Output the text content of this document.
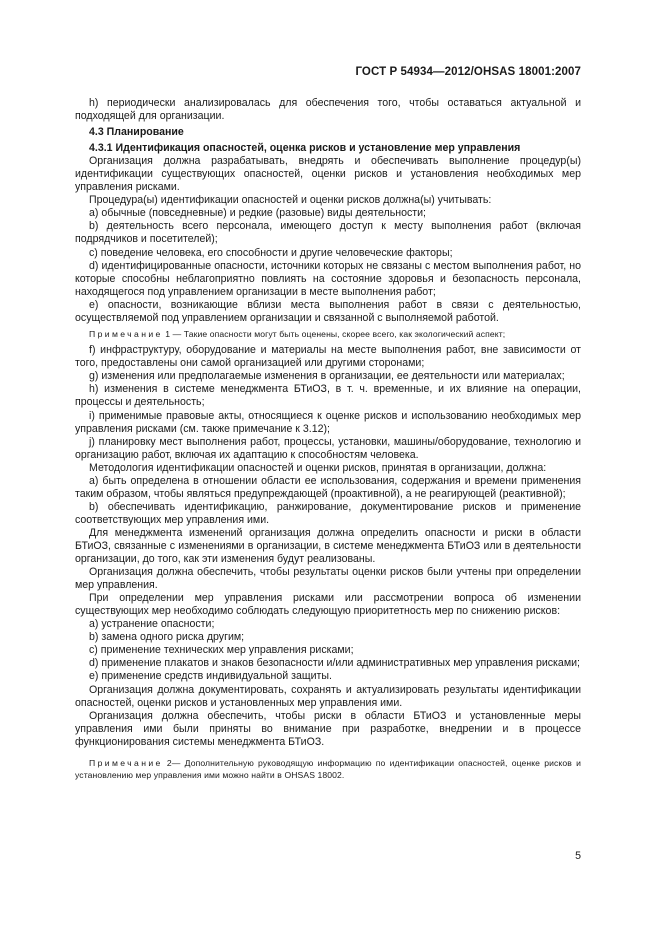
ГОСТ Р 54934—2012/OHSAS 18001:2007

h) периодически анализировалась для обеспечения того, чтобы оставаться актуальной и подходящей для организации.

4.3 Планирование

4.3.1 Идентификация опасностей, оценка рисков и установление мер управления

Организация должна разрабатывать, внедрять и обеспечивать выполнение процедур(ы) идентификации существующих опасностей, оценки рисков и установления необходимых мер управления рисками.

Процедура(ы) идентификации опасностей и оценки рисков должна(ы) учитывать:

a) обычные (повседневные) и редкие (разовые) виды деятельности;

b) деятельность всего персонала, имеющего доступ к месту выполнения работ (включая подрядчиков и посетителей);

c) поведение человека, его способности и другие человеческие факторы;

d) идентифицированные опасности, источники которых не связаны с местом выполнения работ, но которые способны неблагоприятно повлиять на состояние здоровья и безопасность персонала, находящегося под управлением организации в месте выполнения работ;

e) опасности, возникающие вблизи места выполнения работ в связи с деятельностью, осуществляемой под управлением организации и связанной с выполняемой работой.

Примечание 1 — Такие опасности могут быть оценены, скорее всего, как экологический аспект;

f) инфраструктуру, оборудование и материалы на месте выполнения работ, вне зависимости от того, предоставлены они самой организацией или другими сторонами;

g) изменения или предполагаемые изменения в организации, ее деятельности или материалах;

h) изменения в системе менеджмента БТиОЗ, в т. ч. временные, и их влияние на операции, процессы и деятельность;

i) применимые правовые акты, относящиеся к оценке рисков и использованию необходимых мер управления рисками (см. также примечание к 3.12);

j) планировку мест выполнения работ, процессы, установки, машины/оборудование, технологию и организацию работ, включая их адаптацию к способностям человека.

Методология идентификации опасностей и оценки рисков, принятая в организации, должна:

a) быть определена в отношении области ее использования, содержания и времени применения таким образом, чтобы являться предупреждающей (проактивной), а не реагирующей (реактивной);

b) обеспечивать идентификацию, ранжирование, документирование рисков и применение соответствующих мер управления ими.

Для менеджмента изменений организация должна определить опасности и риски в области БТиОЗ, связанные с изменениями в организации, в системе менеджмента БТиОЗ или в деятельности организации, до того, как эти изменения будут реализованы.

Организация должна обеспечить, чтобы результаты оценки рисков были учтены при определении мер управления.

При определении мер управления рисками или рассмотрении вопроса об изменении существующих мер необходимо соблюдать следующую приоритетность мер по снижению рисков:

a) устранение опасности;

b) замена одного риска другим;

c) применение технических мер управления рисками;

d) применение плакатов и знаков безопасности и/или административных мер управления рисками;

e) применение средств индивидуальной защиты.

Организация должна документировать, сохранять и актуализировать результаты идентификации опасностей, оценки рисков и установленных мер управления ими.

Организация должна обеспечить, чтобы риски в области БТиОЗ и установленные меры управления ими были приняты во внимание при разработке, внедрении и в процессе функционирования системы менеджмента БТиОЗ.

Примечание 2— Дополнительную руководящую информацию по идентификации опасностей, оценке рисков и установлению мер управления ими можно найти в OHSAS 18002.

5
